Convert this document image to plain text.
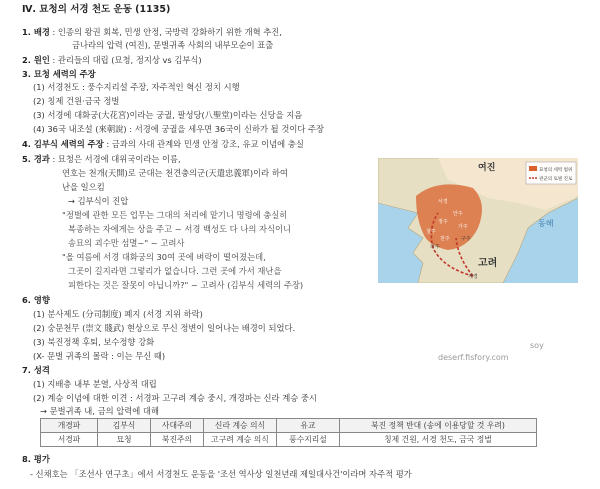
Ⅳ. 묘청의 서경 천도 운동 (1135)
1. 배경 : 인종의 왕권 회복, 민생 안정, 국방력 강화하기 위한 개혁 추진,
금나라의 압력 (여진), 문벌귀족 사회의 내부모순이 표출
2. 원인 : 관리들의 대립 (묘청, 정지상 vs 김부식)
3. 묘청 세력의 주장
(1) 서경천도 : 풍수지리설 주장, 자주적인 혁신 정치 시행
(2) 칭제 건원·금국 정벌
(3) 서경에 대화궁(大花宮)이라는 궁궐, 팔성당(八聖堂)이라는 신당을 지음
(4) 36국 내조설 (來朝說) : 서경에 궁궐을 세우면 36국이 신하가 될 것이다 주장
4. 김부식 세력의 주장 : 금과의 사대 관계와 민생 안정 강조, 유교 이념에 충실
5. 경과 : 묘청은 서경에 대위국이라는 이름,
연호는 천개(天開)로 군대는 천견충의군(天遣忠義軍)이라 하여
난을 일으킴
→ 김부식이 진압
"정벌에 관한 모든 업무는 그대의 처리에 맡기니 명령에 충실히
복종하는 자에게는 상을 주고 ~ 서경 백성도 다 나의 자식이니
송묘의 괴수만 섬멸~" ~ 고려사
"올 여름에 서경 대화궁의 30여 곳에 벼락이 떨어졌는데,
그곳이 길지라면 그렇리가 없습니다. 그런 곳에 가서 재난을
피한다는 것은 잘못이 아닙니까?" ~ 고려사 (김부식 세력의 주장)
묘청의 세력 범위
관군의 토벌 진로
여진
동해
고려
서경
안주
정주
가주
철주
천주
의주
구주
개경
6. 영향
(1) 분사제도 (分司制度) 폐지 (서경 지위 하락)
(2) 숭문천무 (崇文 賤武) 현상으로 무신 정변이 일어나는 배경이 되었다.
(3) 북진정책 후퇴, 보수정향 강화
(X- 문벌 귀족의 몰락 : 이는 무신 때)
soy
deserf.fisfory.com
7. 성격
(1) 지배층 내부 분열, 사상적 대립
(2) 계승 이념에 대한 이견 : 서경파 고구려 계승 중시, 개경파는 신라 계승 중시
→ 문벌귀족 내, 금의 압력에 대해
개경파	김부식	사대주의	신라 계승 의식	유교	북진 정책 반대 (송에 이용당할 것 우려)
서경파	묘청	북진주의	고구려 계승 의식	풍수지리설	칭제 건원, 서경 천도, 금국 정벌
8. 평가
- 신채호는 「조선사 연구초」에서 서경천도 운동을 '조선 역사상 일천년래 제일대사건'이라며 자주적 평가
